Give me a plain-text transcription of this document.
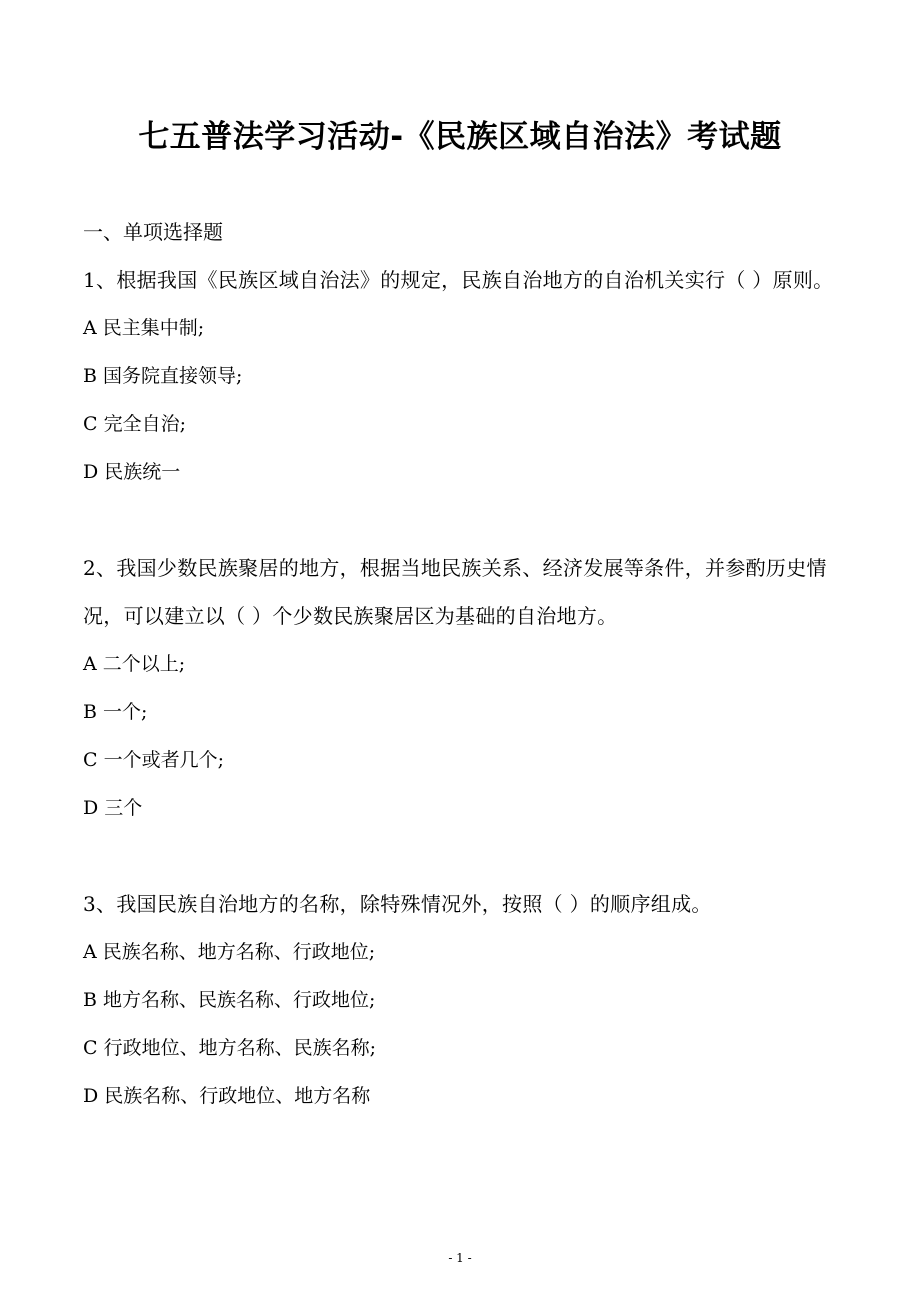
七五普法学习活动-《民族区域自治法》考试题

一、单项选择题

1、根据我国《民族区域自治法》的规定，民族自治地方的自治机关实行（ ）原则。

A 民主集中制;

B 国务院直接领导;

C 完全自治;

D 民族统一

2、我国少数民族聚居的地方，根据当地民族关系、经济发展等条件，并参酌历史情况，可以建立以（ ）个少数民族聚居区为基础的自治地方。

A 二个以上;

B 一个;

C 一个或者几个;

D 三个

3、我国民族自治地方的名称，除特殊情况外，按照（ ）的顺序组成。

A 民族名称、地方名称、行政地位;

B 地方名称、民族名称、行政地位;

C 行政地位、地方名称、民族名称;

D 民族名称、行政地位、地方名称

- 1 -
